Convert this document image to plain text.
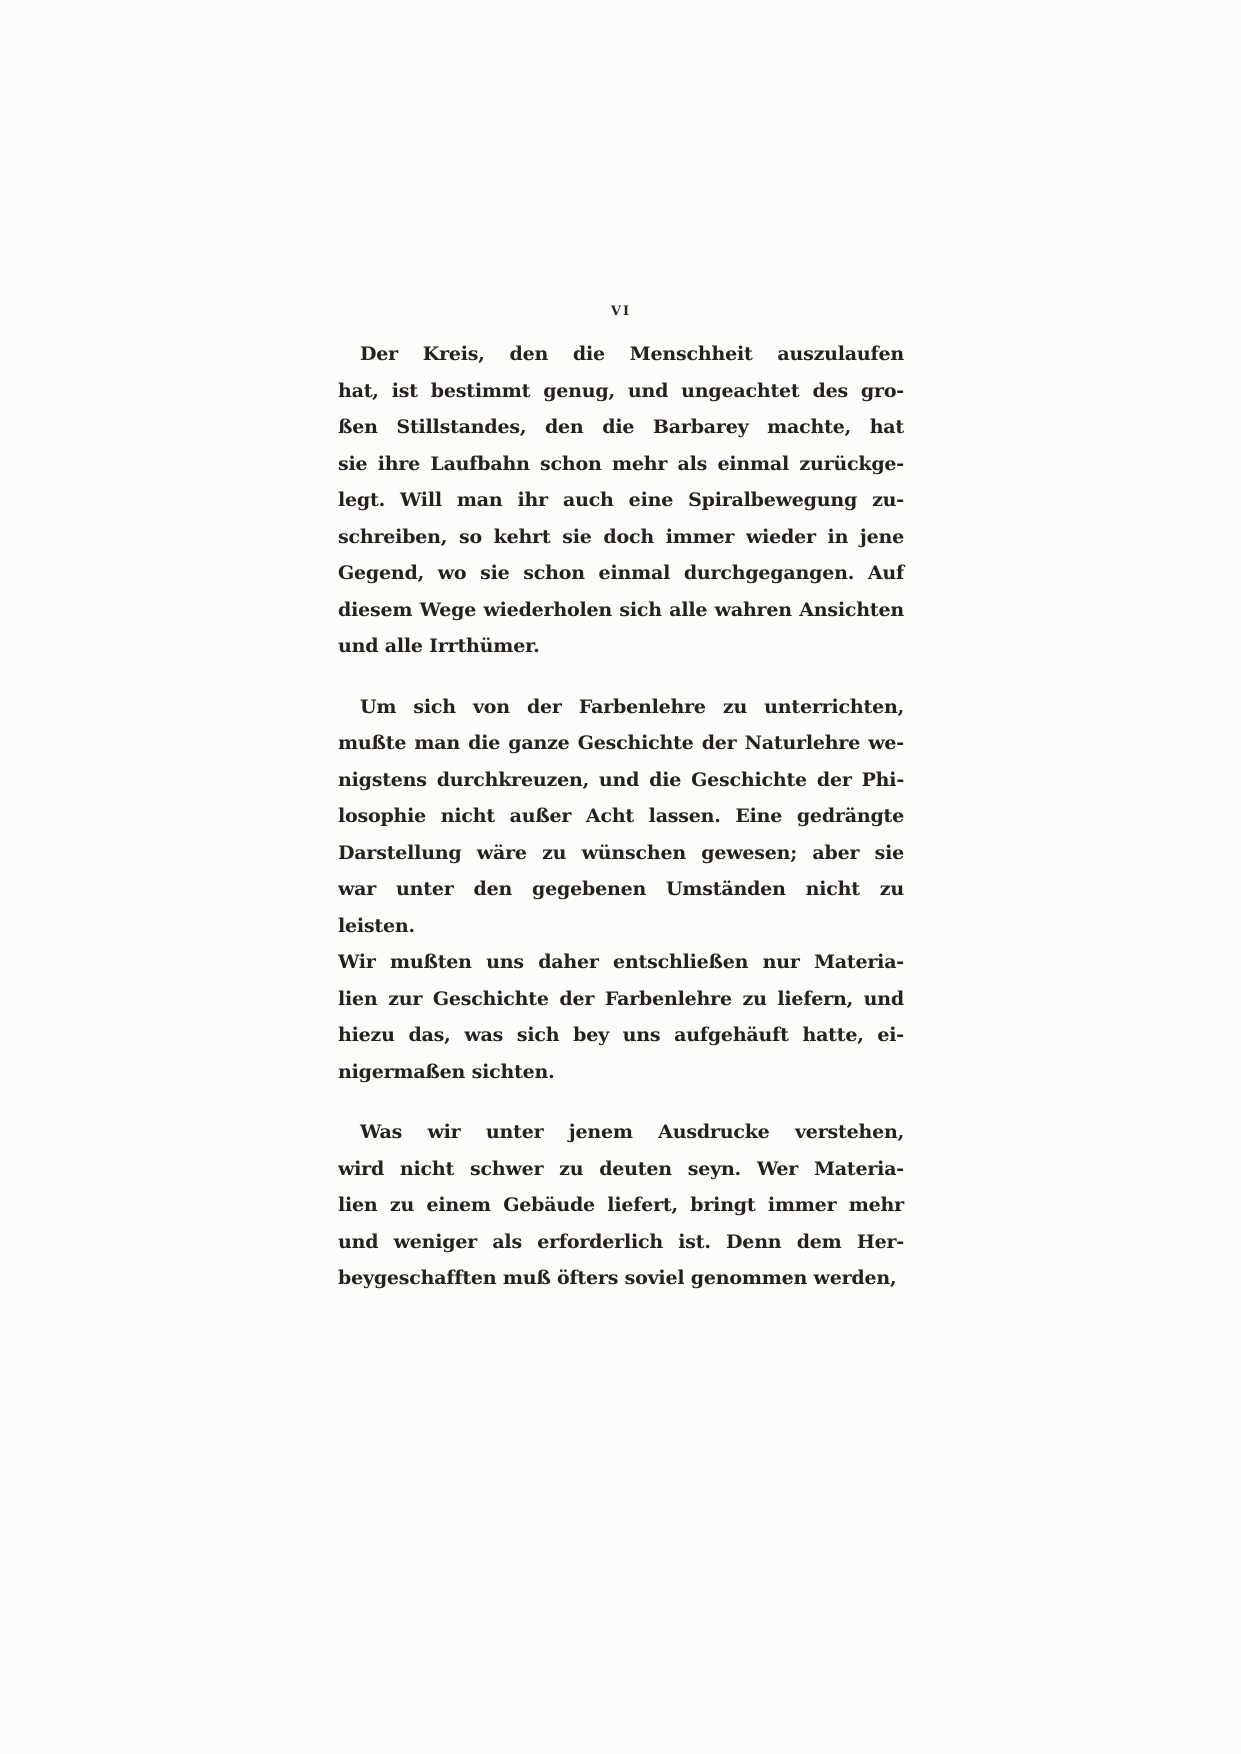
vi

Der Kreis, den die Menschheit auszulaufen
hat, ist bestimmt genug, und ungeachtet des gro-
ßen Stillstandes, den die Barbarey machte, hat
sie ihre Laufbahn schon mehr als einmal zurückge-
legt. Will man ihr auch eine Spiralbewegung zu-
schreiben, so kehrt sie doch immer wieder in jene
Gegend, wo sie schon einmal durchgegangen. Auf
diesem Wege wiederholen sich alle wahren Ansichten
und alle Irrthümer.

Um sich von der Farbenlehre zu unterrichten,
mußte man die ganze Geschichte der Naturlehre we-
nigstens durchkreuzen, und die Geschichte der Phi-
losophie nicht außer Acht lassen. Eine gedrängte
Darstellung wäre zu wünschen gewesen; aber sie
war unter den gegebenen Umständen nicht zu leisten.
Wir mußten uns daher entschließen nur Materia-
lien zur Geschichte der Farbenlehre zu liefern, und
hiezu das, was sich bey uns aufgehäuft hatte, ei-
nigermaßen sichten.

Was wir unter jenem Ausdrucke verstehen,
wird nicht schwer zu deuten seyn. Wer Materia-
lien zu einem Gebäude liefert, bringt immer mehr
und weniger als erforderlich ist. Denn dem Her-
beygeschafften muß öfters soviel genommen werden,
